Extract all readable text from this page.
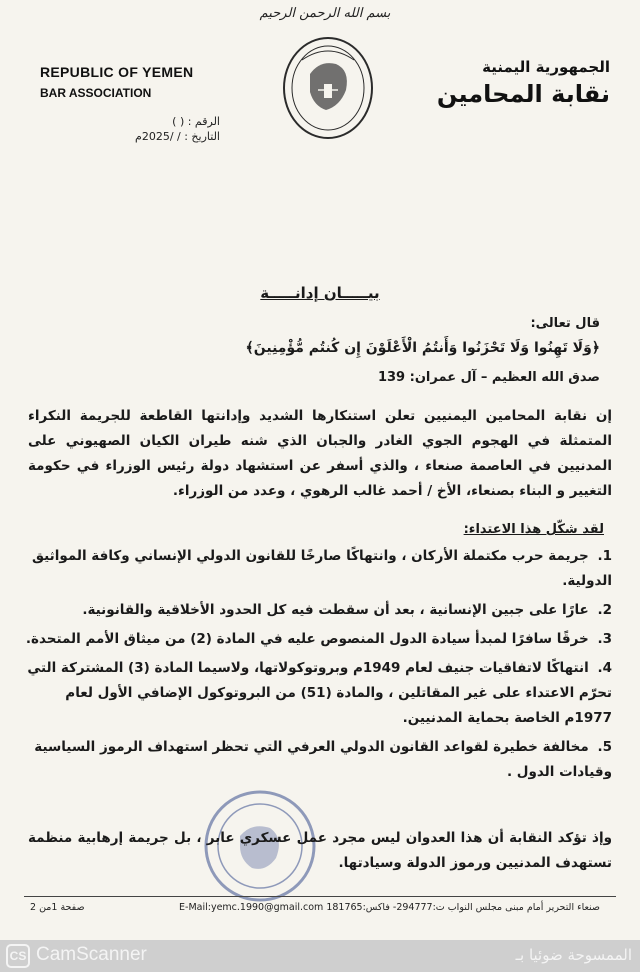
بسم الله الرحمن الرحيم
REPUBLIC OF YEMEN
BAR ASSOCIATION
الرقم : ( )
التاريخ : / /2025م
الجمهورية اليمنية
نقابة المحامين
بيـــــان إدانـــــة
قال تعالى:
﴿وَلَا تَهِنُوا وَلَا تَحْزَنُوا وَأَنتُمُ الْأَعْلَوْنَ إِن كُنتُم مُّؤْمِنِينَ﴾
صدق الله العظيم – آل عمران: 139

إن نقابة المحامين اليمنيين تعلن استنكارها الشديد وإدانتها القاطعة للجريمة النكراء المتمثلة في الهجوم الجوي الغادر والجبان الذي شنه طيران الكيان الصهيوني على المدنيين في العاصمة صنعاء ، والذي أسفر عن استشهاد دولة رئيس الوزراء في حكومة التغيير و البناء بصنعاء، الأخ / أحمد غالب الرهوي ، وعدد من الوزراء.

لقد شكّل هذا الاعتداء:
1. جريمة حرب مكتملة الأركان ، وانتهاكًا صارخًا للقانون الدولي الإنساني وكافة المواثيق الدولية.
2. عارًا على جبين الإنسانية ، بعد أن سقطت فيه كل الحدود الأخلاقية والقانونية.
3. خرقًا سافرًا لمبدأ سيادة الدول المنصوص عليه في المادة (2) من ميثاق الأمم المتحدة.
4. انتهاكًا لاتفاقيات جنيف لعام 1949م وبروتوكولاتها، ولاسيما المادة (3) المشتركة التي تحرّم الاعتداء على غير المقاتلين ، والمادة (51) من البروتوكول الإضافي الأول لعام 1977م الخاصة بحماية المدنيين.
5. مخالفة خطيرة لقواعد القانون الدولي العرفي التي تحظر استهداف الرموز السياسية وقيادات الدول .

وإذ تؤكد النقابة أن هذا العدوان ليس مجرد عمل عسكري عابر ، بل جريمة إرهابية منظمة تستهدف المدنيين ورموز الدولة وسيادتها.

صنعاء التحرير أمام مبنى مجلس النواب ت:294777- فاكس:181765 E-Mail:yemc.1990@gmail.com
صفحة 1من 2
CS CamScanner	الممسوحة ضوئيا بـ
